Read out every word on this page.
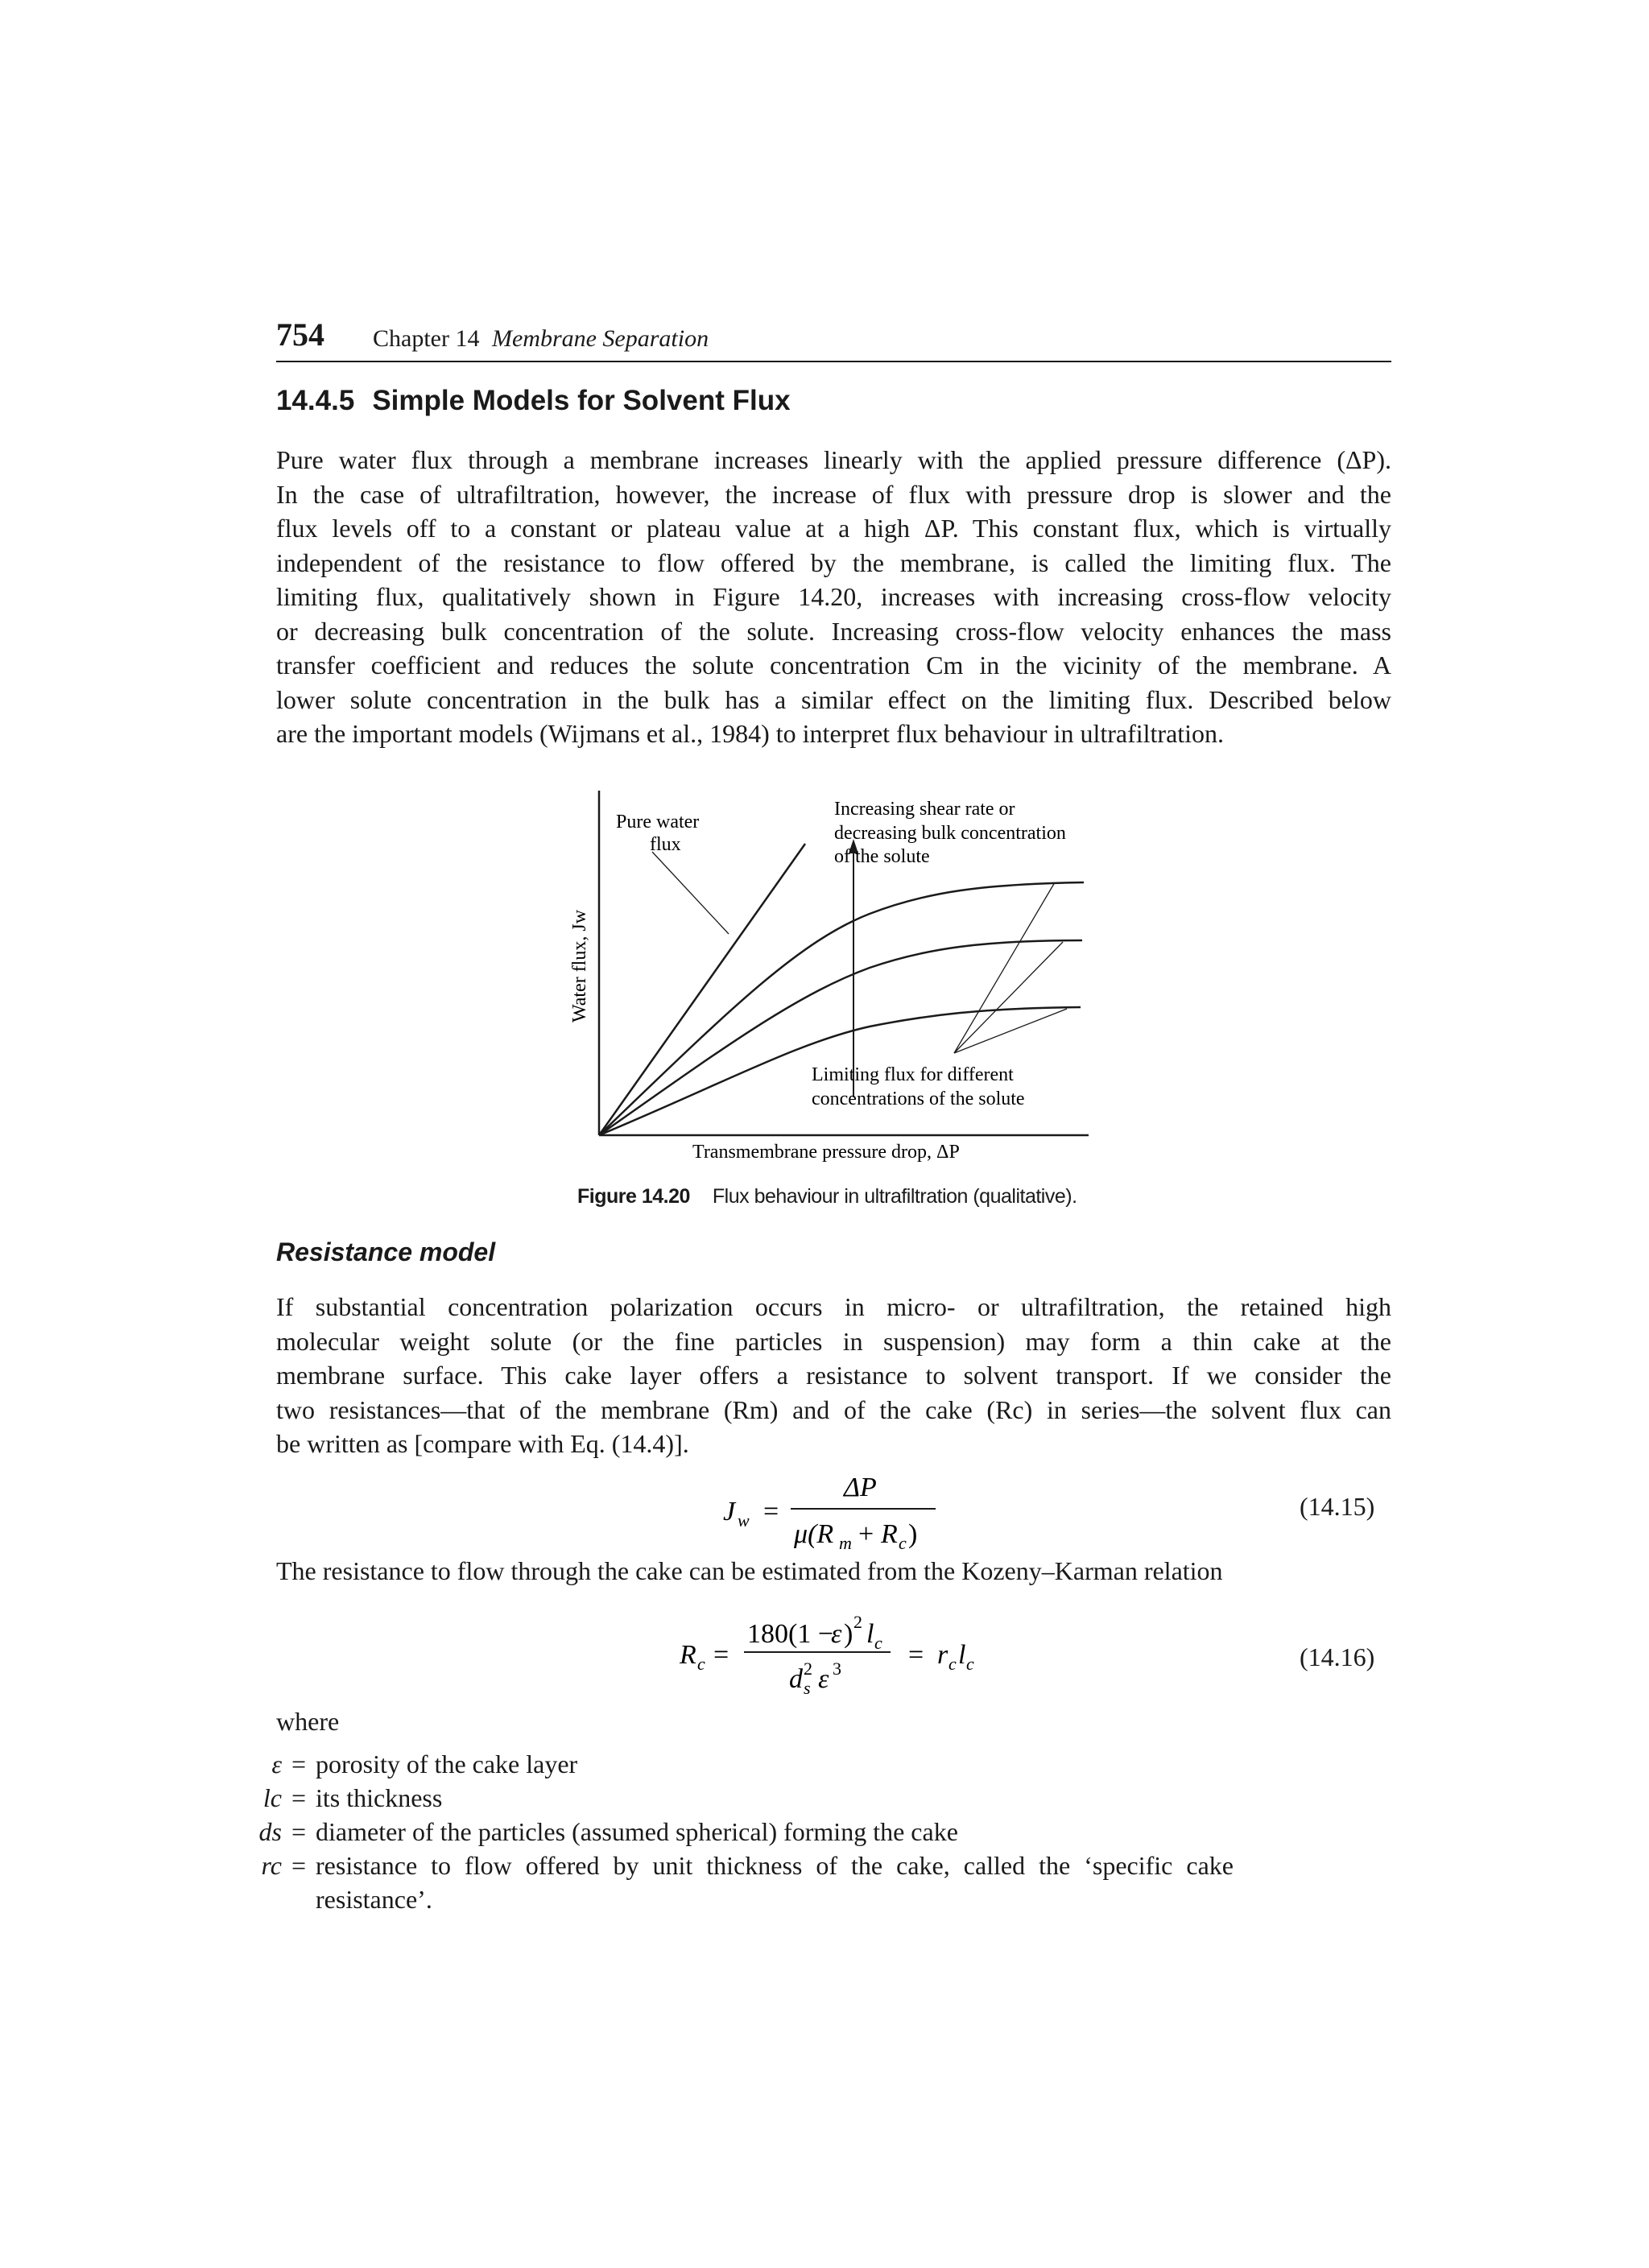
754 Chapter 14 Membrane Separation
14.4.5 Simple Models for Solvent Flux
Pure water flux through a membrane increases linearly with the applied pressure difference (ΔP).
In the case of ultrafiltration, however, the increase of flux with pressure drop is slower and the
flux levels off to a constant or plateau value at a high ΔP. This constant flux, which is virtually
independent of the resistance to flow offered by the membrane, is called the limiting flux. The
limiting flux, qualitatively shown in Figure 14.20, increases with increasing cross-flow velocity
or decreasing bulk concentration of the solute. Increasing cross-flow velocity enhances the mass
transfer coefficient and reduces the solute concentration Cm in the vicinity of the membrane. A
lower solute concentration in the bulk has a similar effect on the limiting flux. Described below
are the important models (Wijmans et al., 1984) to interpret flux behaviour in ultrafiltration.
Pure water
flux
Increasing shear rate or
decreasing bulk concentration
of the solute
Limiting flux for different
concentrations of the solute
Transmembrane pressure drop, ΔP
Water flux, Jw
Figure 14.20 Flux behaviour in ultrafiltration (qualitative).
Resistance model
If substantial concentration polarization occurs in micro- or ultrafiltration, the retained high
molecular weight solute (or the fine particles in suspension) may form a thin cake at the
membrane surface. This cake layer offers a resistance to solvent transport. If we consider the
two resistances—that of the membrane (Rm) and of the cake (Rc) in series—the solvent flux can
be written as [compare with Eq. (14.4)].
J w =
ΔP
μ(R m + R c )
(14.15)
The resistance to flow through the cake can be estimated from the Kozeny–Karman relation
R c =
180(1 −
ε ) 2 l c
d 2
s ε 3 = r c l c	(14.16)
where
ε = porosity of the cake layer
lc = its thickness
ds = diameter of the particles (assumed spherical) forming the cake
rc = resistance to flow offered by unit thickness of the cake, called the ‘specific cake
resistance’.
